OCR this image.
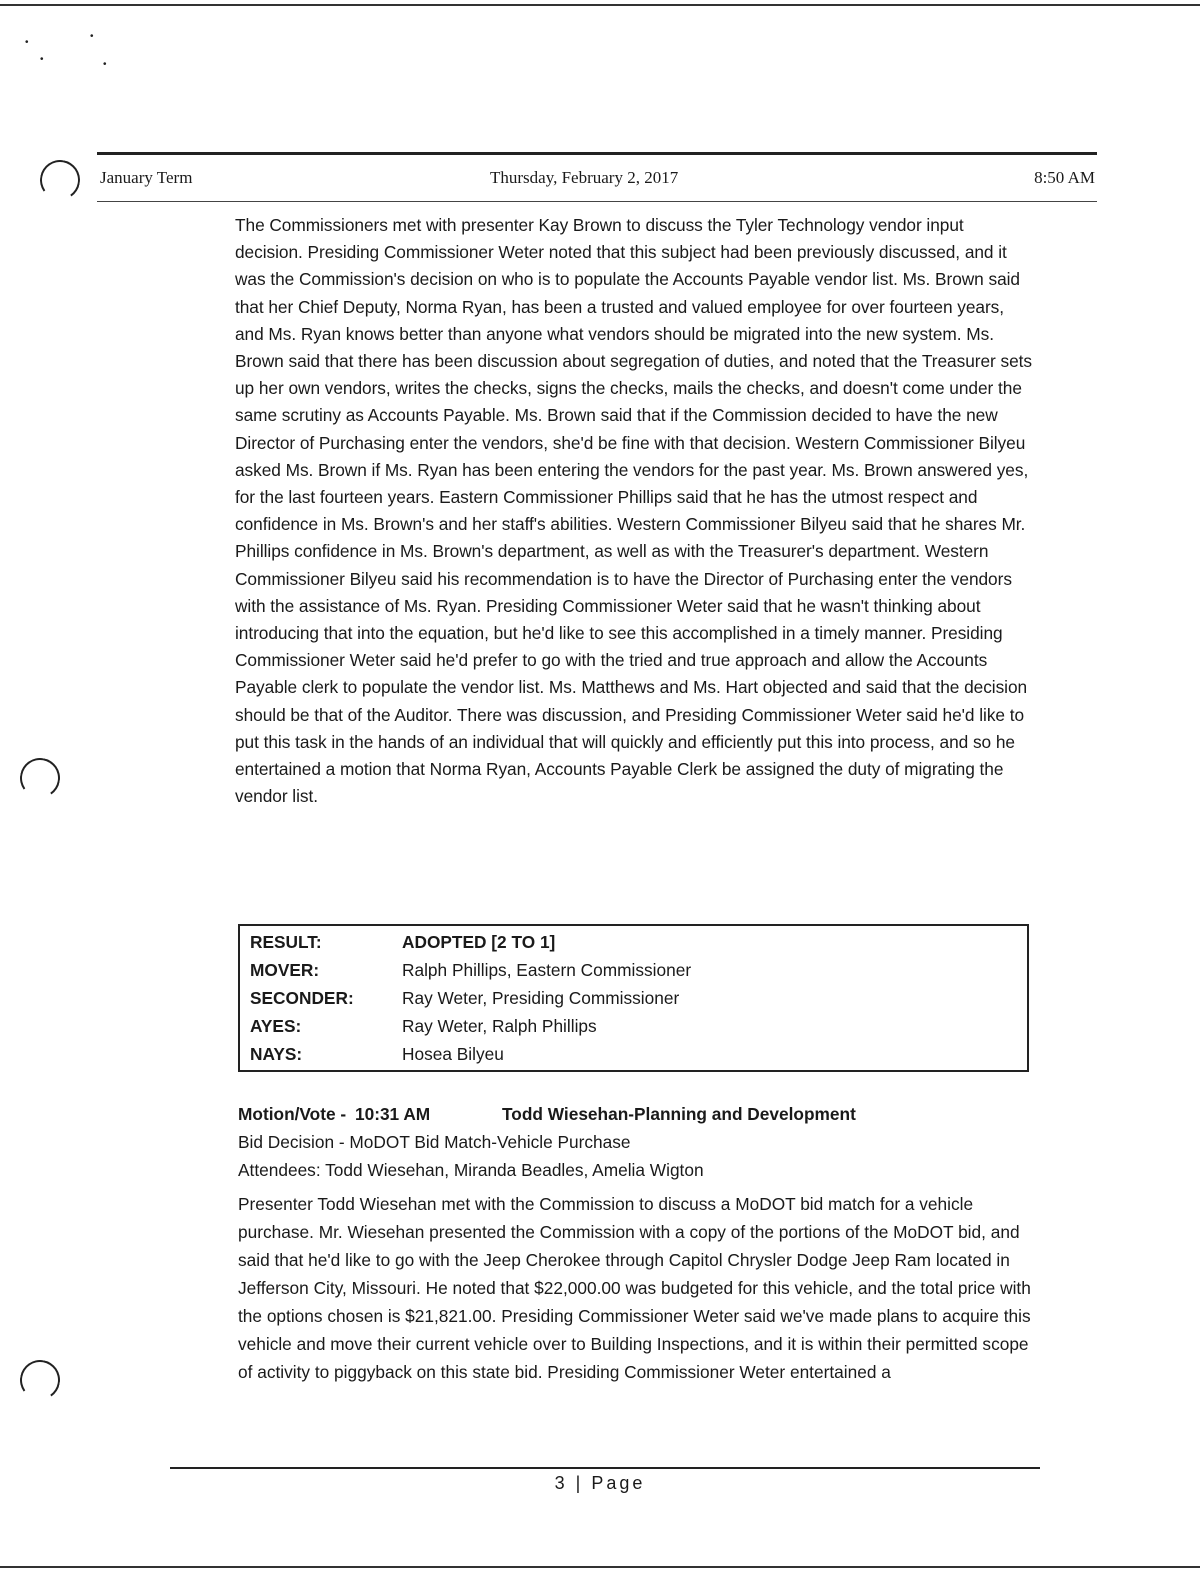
•
•
•	•
January Term	Thursday, February 2, 2017	8:50 AM

The Commissioners met with presenter Kay Brown to discuss the Tyler Technology vendor input decision. Presiding Commissioner Weter noted that this subject had been previously discussed, and it was the Commission's decision on who is to populate the Accounts Payable vendor list. Ms. Brown said that her Chief Deputy, Norma Ryan, has been a trusted and valued employee for over fourteen years, and Ms. Ryan knows better than anyone what vendors should be migrated into the new system. Ms. Brown said that there has been discussion about segregation of duties, and noted that the Treasurer sets up her own vendors, writes the checks, signs the checks, mails the checks, and doesn't come under the same scrutiny as Accounts Payable. Ms. Brown said that if the Commission decided to have the new Director of Purchasing enter the vendors, she'd be fine with that decision. Western Commissioner Bilyeu asked Ms. Brown if Ms. Ryan has been entering the vendors for the past year. Ms. Brown answered yes, for the last fourteen years. Eastern Commissioner Phillips said that he has the utmost respect and confidence in Ms. Brown's and her staff's abilities. Western Commissioner Bilyeu said that he shares Mr. Phillips confidence in Ms. Brown's department, as well as with the Treasurer's department. Western Commissioner Bilyeu said his recommendation is to have the Director of Purchasing enter the vendors with the assistance of Ms. Ryan. Presiding Commissioner Weter said that he wasn't thinking about introducing that into the equation, but he'd like to see this accomplished in a timely manner. Presiding Commissioner Weter said he'd prefer to go with the tried and true approach and allow the Accounts Payable clerk to populate the vendor list. Ms. Matthews and Ms. Hart objected and said that the decision should be that of the Auditor. There was discussion, and Presiding Commissioner Weter said he'd like to put this task in the hands of an individual that will quickly and efficiently put this into process, and so he entertained a motion that Norma Ryan, Accounts Payable Clerk be assigned the duty of migrating the vendor list.

RESULT:	ADOPTED [2 TO 1]
MOVER:	Ralph Phillips, Eastern Commissioner
SECONDER:	Ray Weter, Presiding Commissioner
AYES:	Ray Weter, Ralph Phillips
NAYS:	Hosea Bilyeu
Motion/Vote - 10:31 AM	Todd Wiesehan-Planning and Development
Bid Decision - MoDOT Bid Match-Vehicle Purchase
Attendees: Todd Wiesehan, Miranda Beadles, Amelia Wigton

Presenter Todd Wiesehan met with the Commission to discuss a MoDOT bid match for a vehicle purchase. Mr. Wiesehan presented the Commission with a copy of the portions of the MoDOT bid, and said that he'd like to go with the Jeep Cherokee through Capitol Chrysler Dodge Jeep Ram located in Jefferson City, Missouri. He noted that $22,000.00 was budgeted for this vehicle, and the total price with the options chosen is $21,821.00. Presiding Commissioner Weter said we've made plans to acquire this vehicle and move their current vehicle over to Building Inspections, and it is within their permitted scope of activity to piggyback on this state bid. Presiding Commissioner Weter entertained a

3 | Page
